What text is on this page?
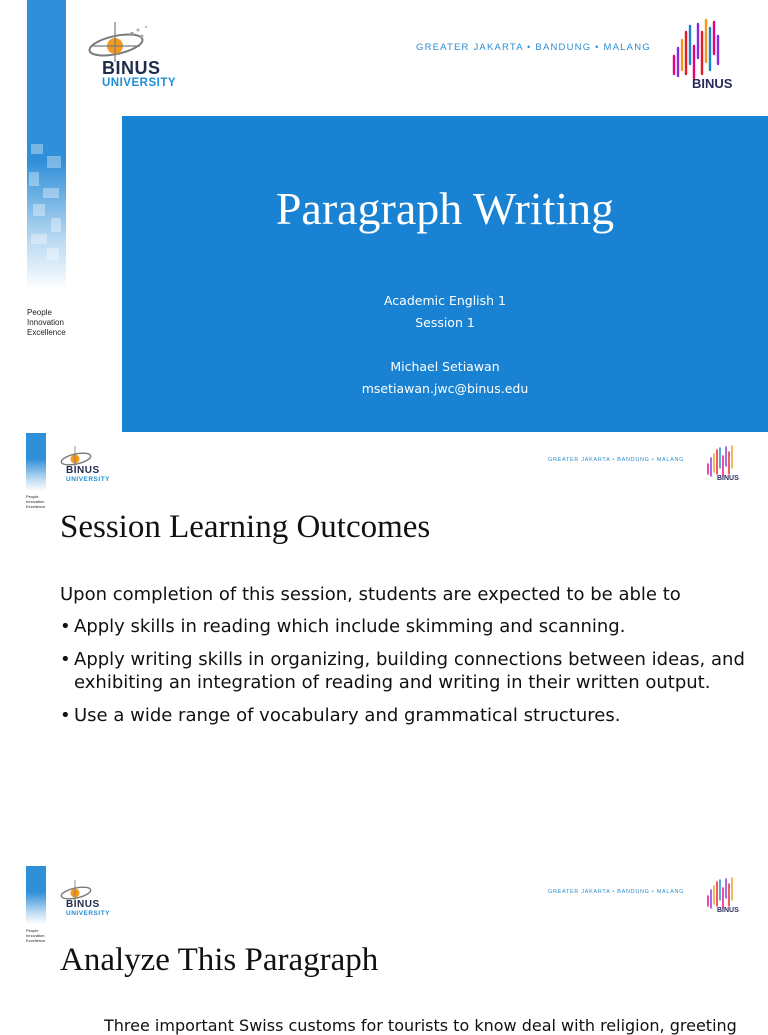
BINUS
UNIVERSITY
GREATER JAKARTA • BANDUNG • MALANG
BINUS
People
Innovation
Excellence
Paragraph Writing
Academic English 1
Session 1
Michael Setiawan
msetiawan.jwc@binus.edu
BINUS
UNIVERSITY
GREATER JAKARTA • BANDUNG • MALANG
BINUS
People
Innovation
Excellence
Session Learning Outcomes
Upon completion of this session, students are expected to be able to
• Apply skills in reading which include skimming and scanning.
• Apply writing skills in organizing, building connections between ideas, and exhibiting an integration of reading and writing in their written output.
• Use a wide range of vocabulary and grammatical structures.
BINUS
UNIVERSITY
GREATER JAKARTA • BANDUNG • MALANG
BINUS
People
Innovation
Excellence
Analyze This Paragraph
Three important Swiss customs for tourists to know deal with religion, greeting
